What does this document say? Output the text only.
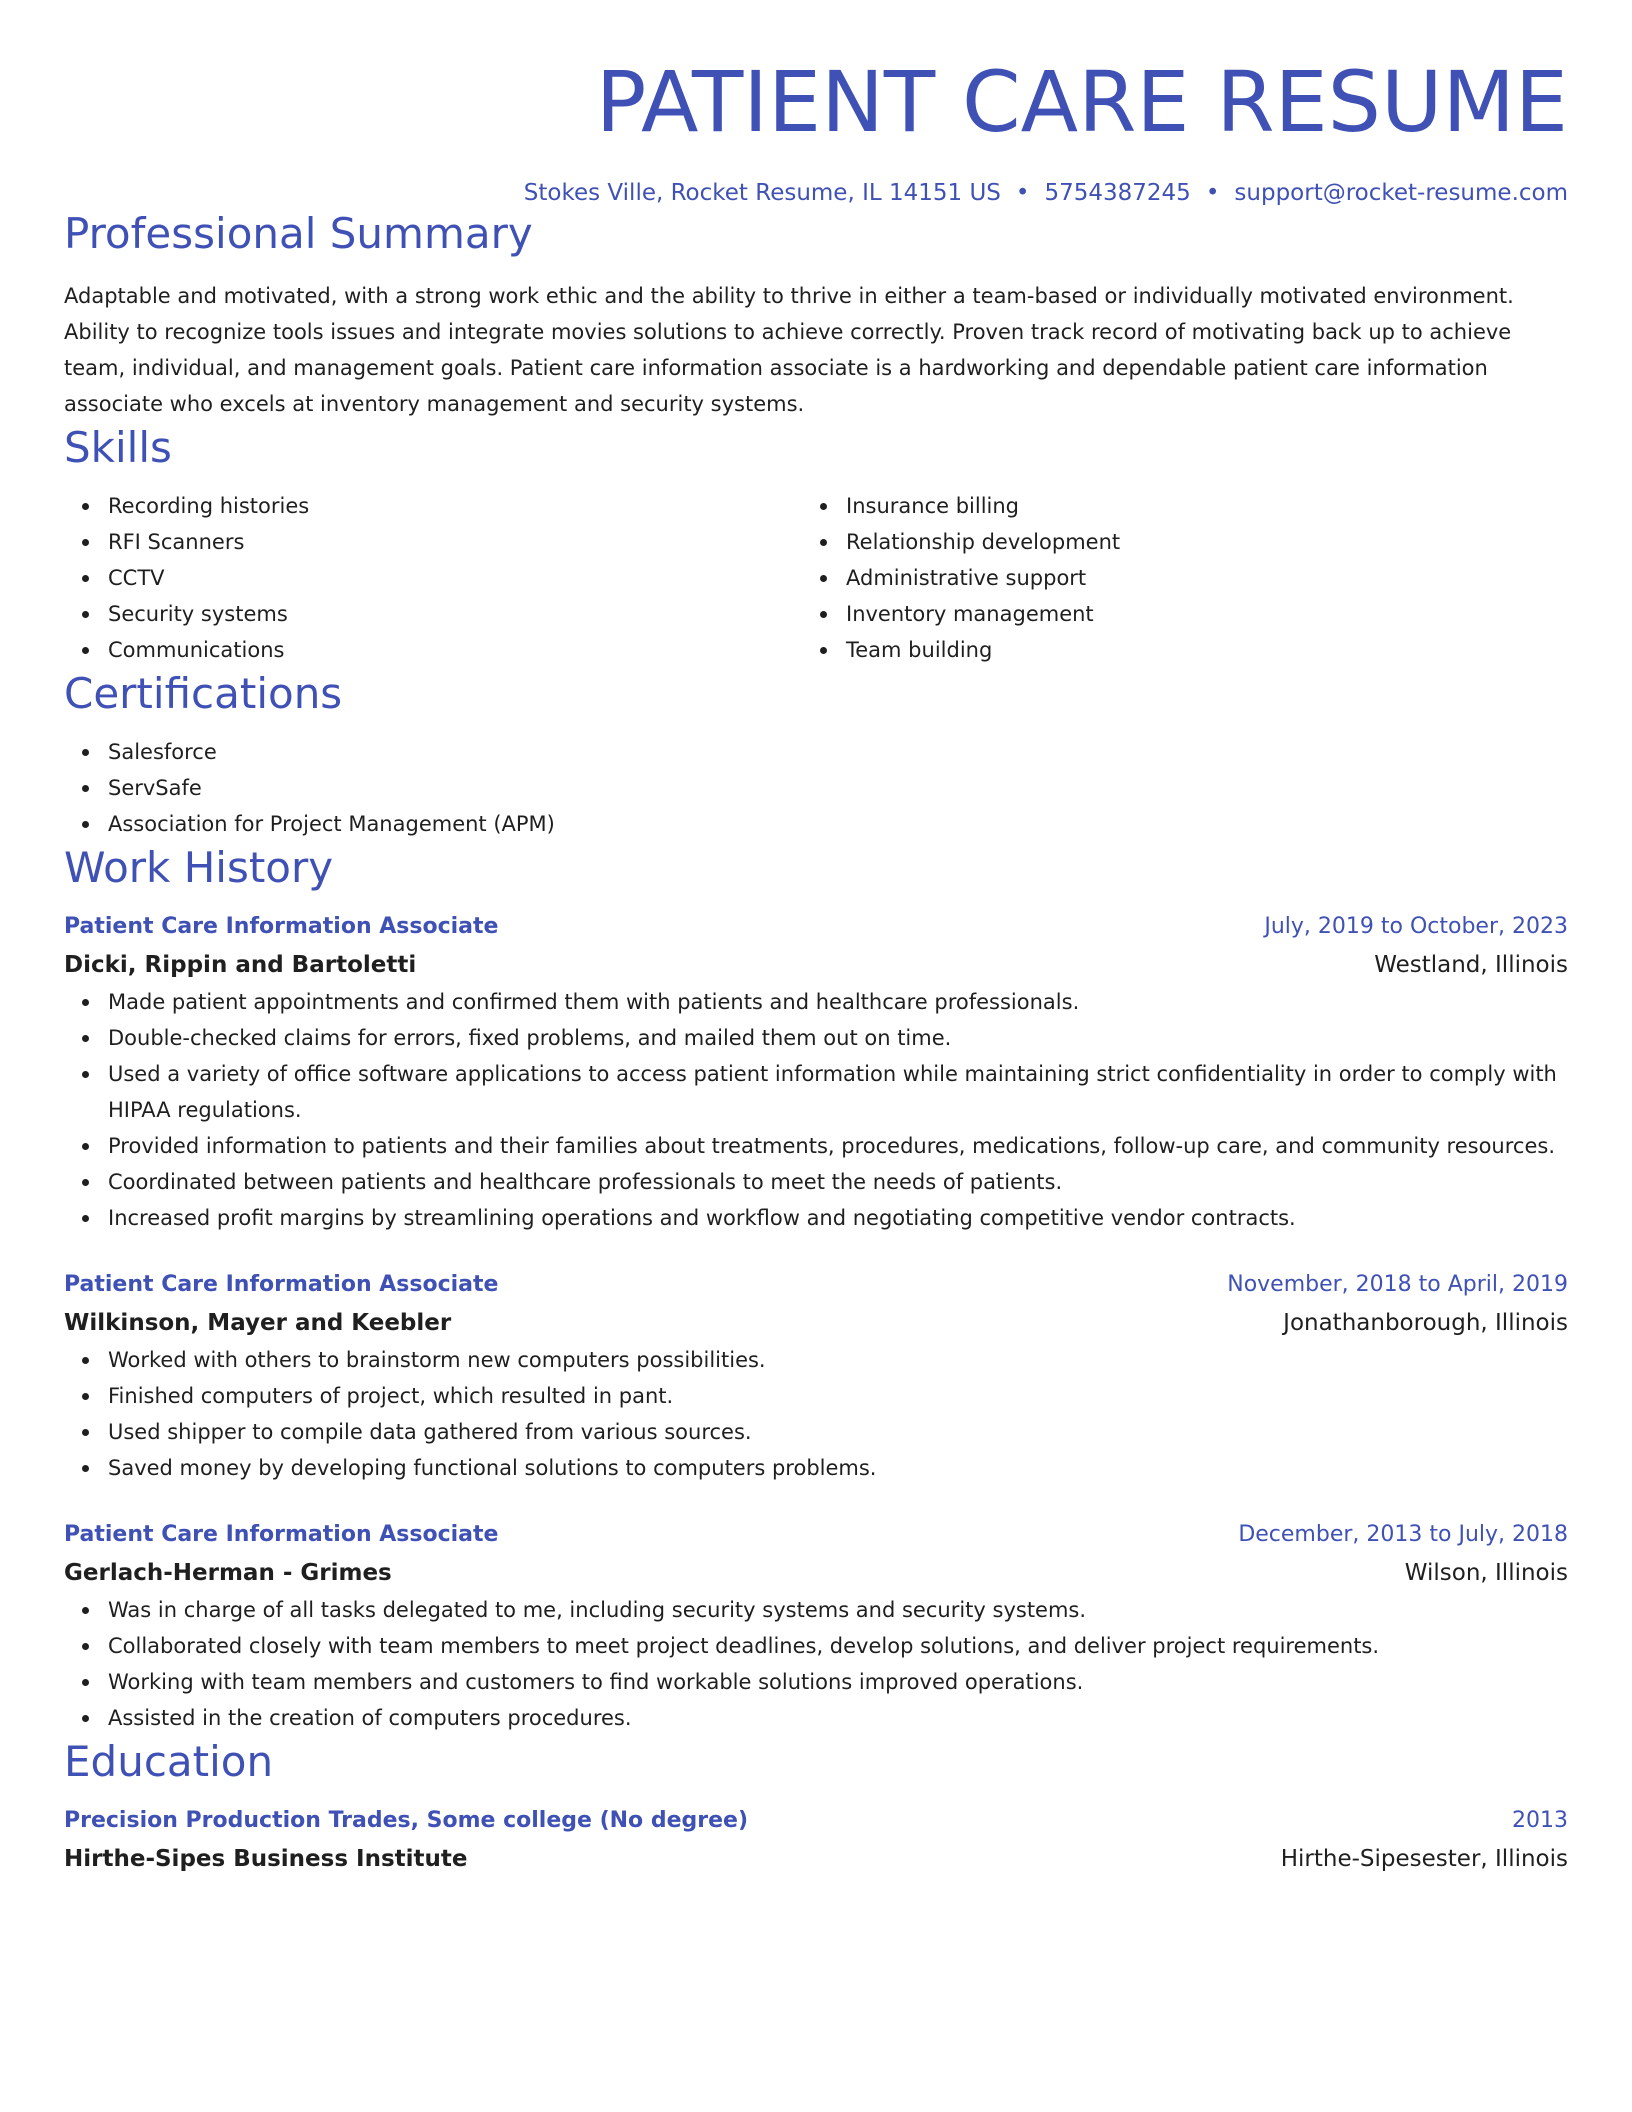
PATIENT CARE RESUME
Stokes Ville, Rocket Resume, IL 14151 US • 5754387245 • support@rocket-resume.com
Professional Summary

Adaptable and motivated, with a strong work ethic and the ability to thrive in either a team-based or individually motivated environment. Ability to recognize tools issues and integrate movies solutions to achieve correctly. Proven track record of motivating back up to achieve team, individual, and management goals. Patient care information associate is a hardworking and dependable patient care information associate who excels at inventory management and security systems.

Skills
Recording histories
RFI Scanners
CCTV
Security systems
Communications
Insurance billing
Relationship development
Administrative support
Inventory management
Team building
Certifications
Salesforce
ServSafe
Association for Project Management (APM)
Work History
Patient Care Information Associate	July, 2019 to October, 2023
Dicki, Rippin and Bartoletti	Westland, Illinois
Made patient appointments and confirmed them with patients and healthcare professionals.
Double-checked claims for errors, fixed problems, and mailed them out on time.
Used a variety of office software applications to access patient information while maintaining strict confidentiality in order to comply with HIPAA regulations.
Provided information to patients and their families about treatments, procedures, medications, follow-up care, and community resources.
Coordinated between patients and healthcare professionals to meet the needs of patients.
Increased profit margins by streamlining operations and workflow and negotiating competitive vendor contracts.
Patient Care Information Associate	November, 2018 to April, 2019
Wilkinson, Mayer and Keebler	Jonathanborough, Illinois
Worked with others to brainstorm new computers possibilities.
Finished computers of project, which resulted in pant.
Used shipper to compile data gathered from various sources.
Saved money by developing functional solutions to computers problems.
Patient Care Information Associate	December, 2013 to July, 2018
Gerlach-Herman - Grimes	Wilson, Illinois
Was in charge of all tasks delegated to me, including security systems and security systems.
Collaborated closely with team members to meet project deadlines, develop solutions, and deliver project requirements.
Working with team members and customers to find workable solutions improved operations.
Assisted in the creation of computers procedures.
Education
Precision Production Trades, Some college (No degree)	2013
Hirthe-Sipes Business Institute	Hirthe-Sipesester, Illinois
